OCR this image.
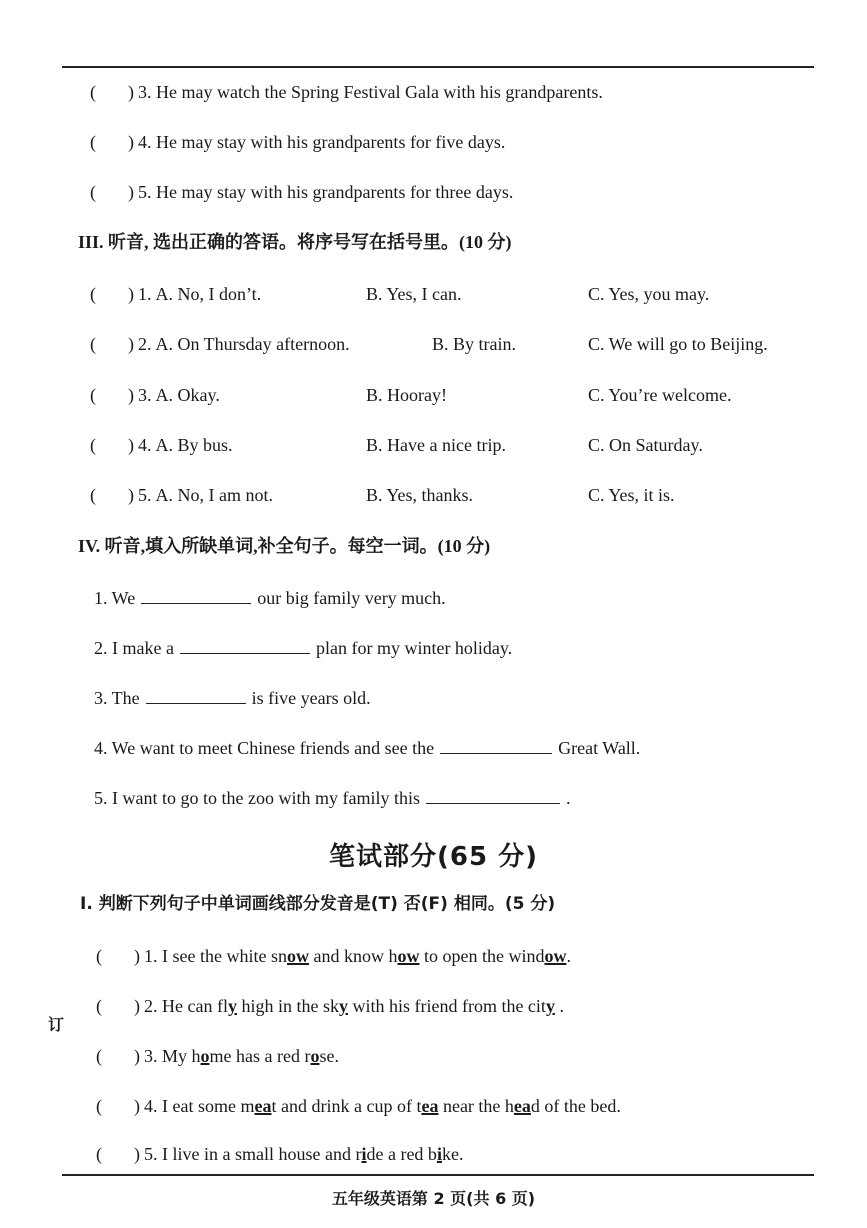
( ) 3. He may watch the Spring Festival Gala with his grandparents.
( ) 4. He may stay with his grandparents for five days.
( ) 5. He may stay with his grandparents for three days.
III. 听音, 选出正确的答语。将序号写在括号里。(10 分)
( ) 1. A. No, I don’t.	B. Yes, I can.	C. Yes, you may.
( ) 2. A. On Thursday afternoon.	B. By train.	C. We will go to Beijing.
( ) 3. A. Okay.	B. Hooray!	C. You’re welcome.
( ) 4. A. By bus.	B. Have a nice trip.	C. On Saturday.
( ) 5. A. No, I am not.	B. Yes, thanks.	C. Yes, it is.
IV. 听音,填入所缺单词,补全句子。每空一词。(10 分)
1. We	our big family very much.
2. I make a	plan for my winter holiday.
3. The	is five years old.
4. We want to meet Chinese friends and see the	Great Wall.
5. I want to go to the zoo with my family this	.
笔试部分(65 分)
I. 判断下列句子中单词画线部分发音是(T) 否(F) 相同。(5 分)
( ) 1. I see the white snow and know how to open the window.
( ) 2. He can fly high in the sky with his friend from the city .
( ) 3. My home has a red rose.
( ) 4. I eat some meat and drink a cup of tea near the head of the bed.
( ) 5. I live in a small house and ride a red bike.
订
五年级英语第 2 页(共 6 页)
